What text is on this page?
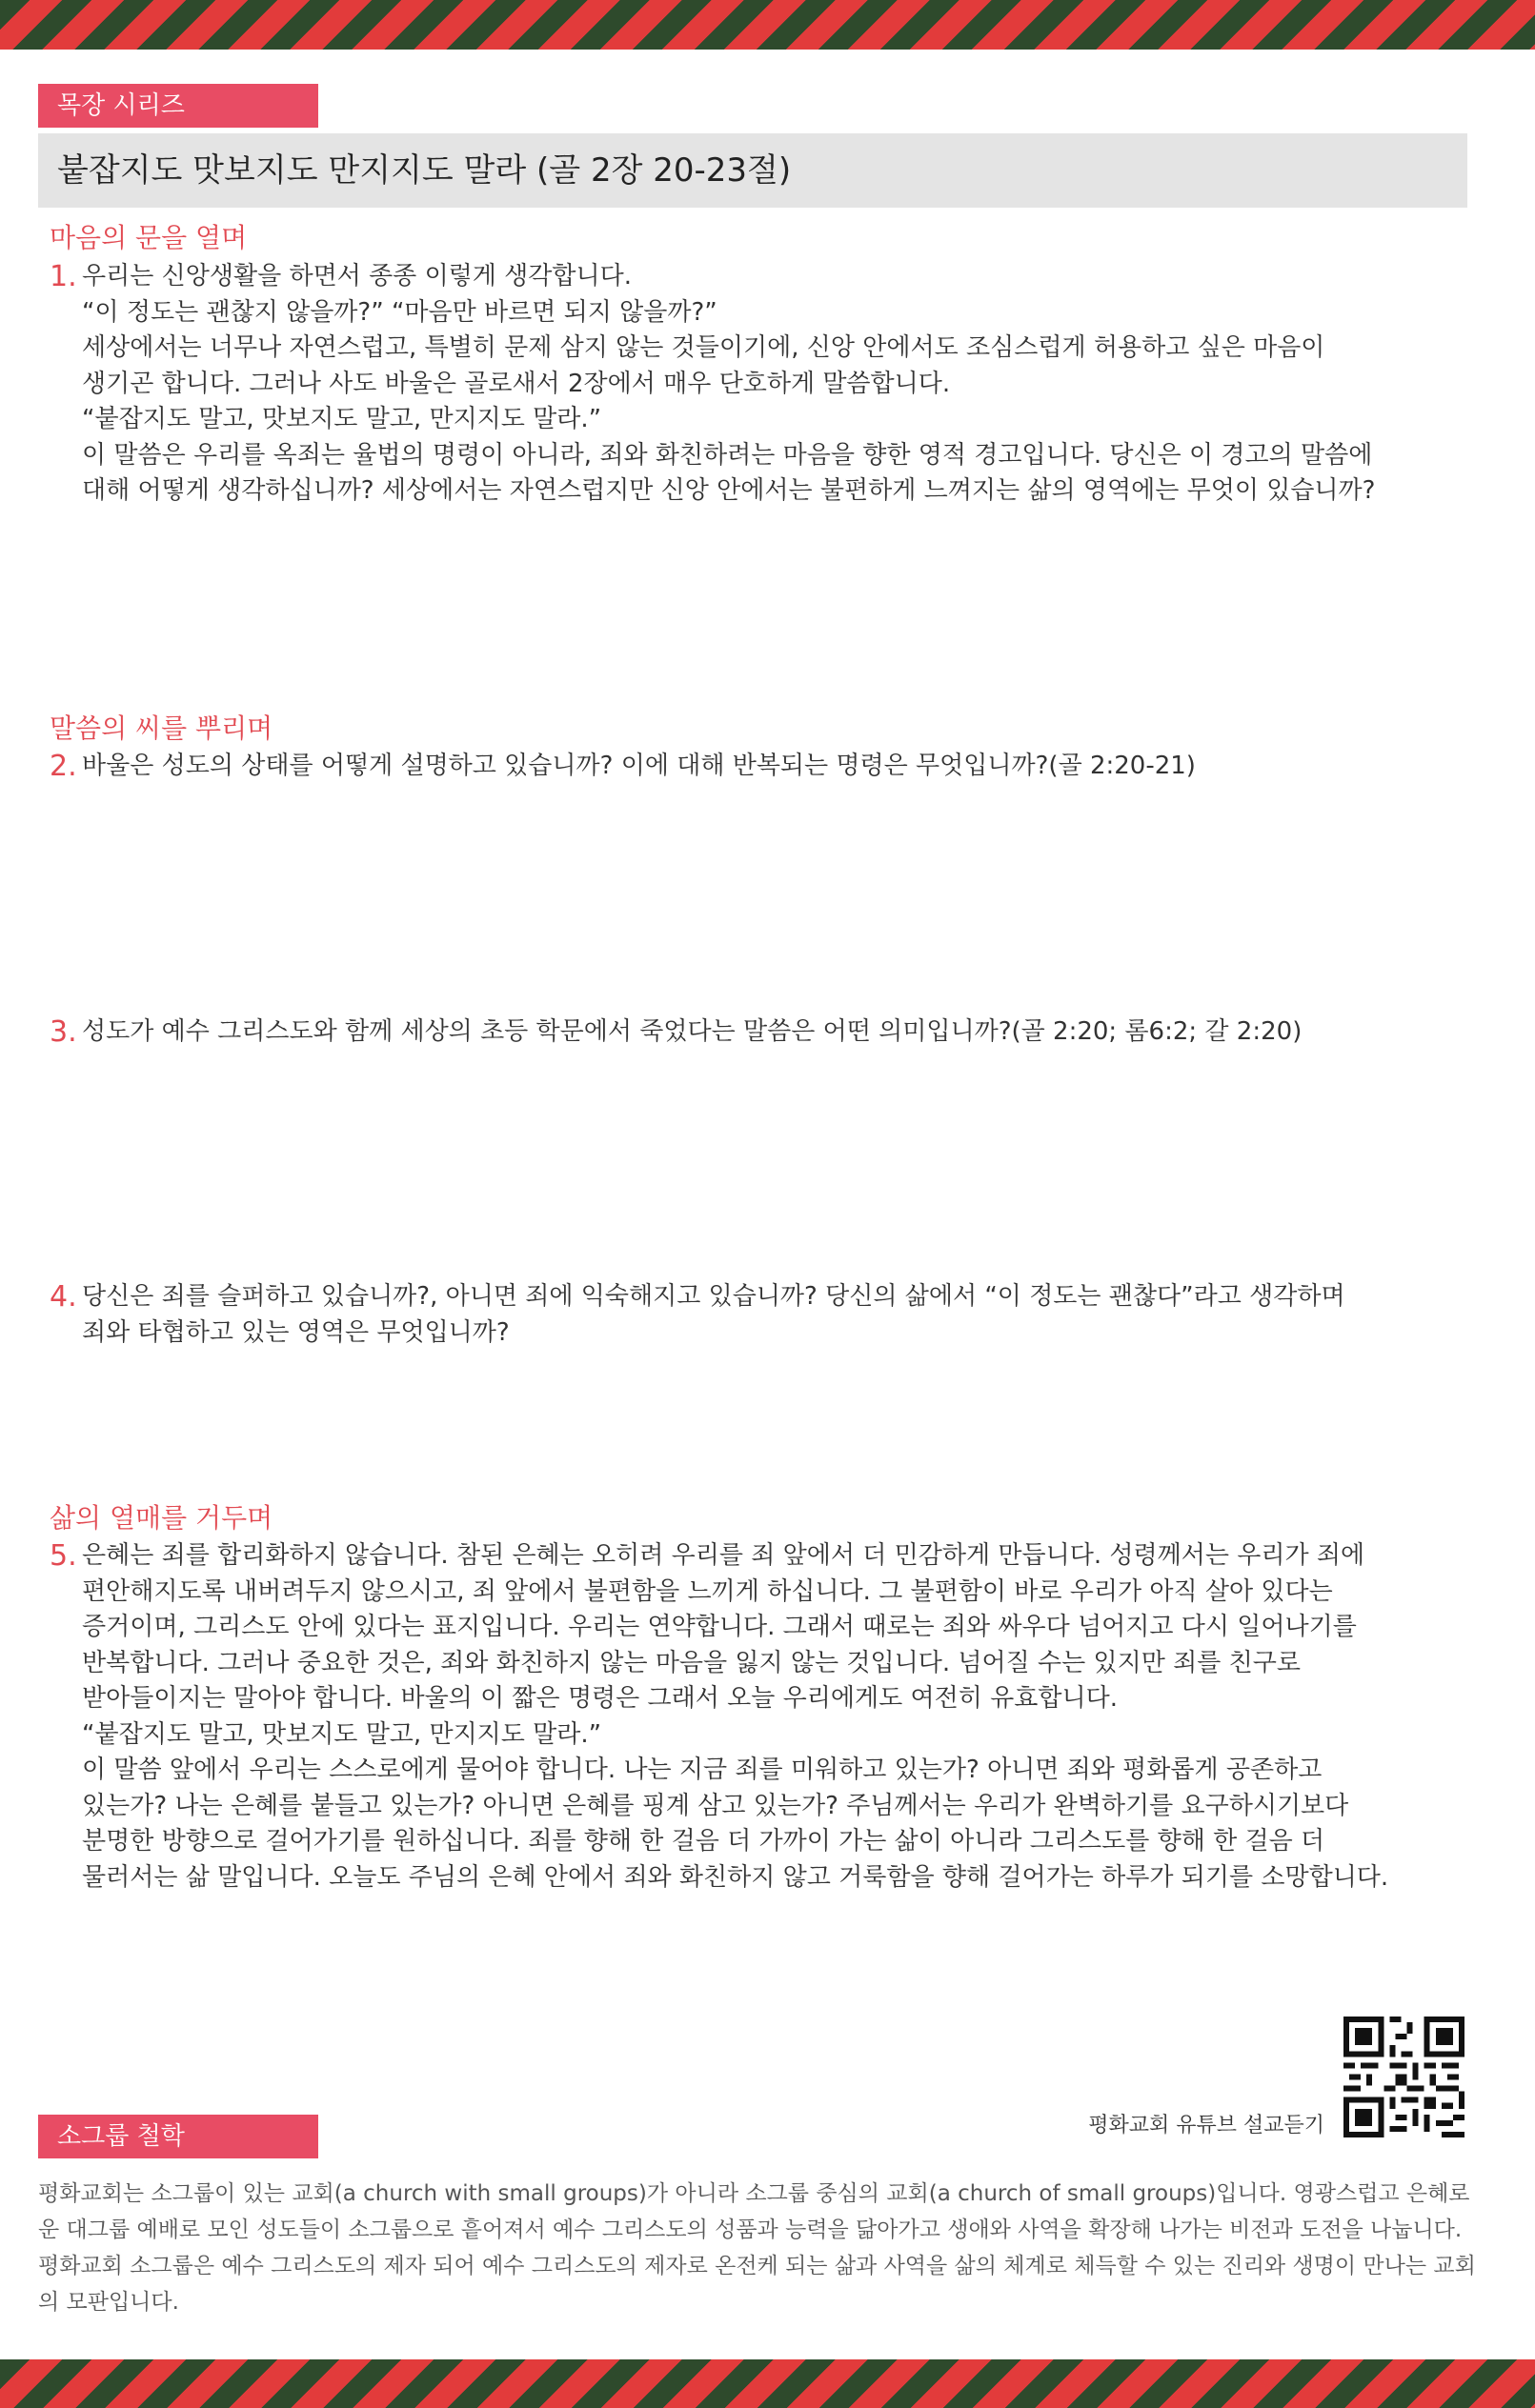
목장 시리즈
붙잡지도 맛보지도 만지지도 말라 (골 2장 20-23절)
마음의 문을 열며
1. 우리는 신앙생활을 하면서 종종 이렇게 생각합니다.
“이 정도는 괜찮지 않을까?” “마음만 바르면 되지 않을까?”
세상에서는 너무나 자연스럽고, 특별히 문제 삼지 않는 것들이기에, 신앙 안에서도 조심스럽게 허용하고 싶은 마음이
생기곤 합니다. 그러나 사도 바울은 골로새서 2장에서 매우 단호하게 말씀합니다.
“붙잡지도 말고, 맛보지도 말고, 만지지도 말라.”
이 말씀은 우리를 옥죄는 율법의 명령이 아니라, 죄와 화친하려는 마음을 향한 영적 경고입니다. 당신은 이 경고의 말씀에
대해 어떻게 생각하십니까? 세상에서는 자연스럽지만 신앙 안에서는 불편하게 느껴지는 삶의 영역에는 무엇이 있습니까?
말씀의 씨를 뿌리며
2. 바울은 성도의 상태를 어떻게 설명하고 있습니까? 이에 대해 반복되는 명령은 무엇입니까?(골 2:20-21)
3. 성도가 예수 그리스도와 함께 세상의 초등 학문에서 죽었다는 말씀은 어떤 의미입니까?(골 2:20; 롬6:2; 갈 2:20)
4. 당신은 죄를 슬퍼하고 있습니까?, 아니면 죄에 익숙해지고 있습니까? 당신의 삶에서 “이 정도는 괜찮다”라고 생각하며
죄와 타협하고 있는 영역은 무엇입니까?
삶의 열매를 거두며
5. 은혜는 죄를 합리화하지 않습니다. 참된 은혜는 오히려 우리를 죄 앞에서 더 민감하게 만듭니다. 성령께서는 우리가 죄에
편안해지도록 내버려두지 않으시고, 죄 앞에서 불편함을 느끼게 하십니다. 그 불편함이 바로 우리가 아직 살아 있다는
증거이며, 그리스도 안에 있다는 표지입니다. 우리는 연약합니다. 그래서 때로는 죄와 싸우다 넘어지고 다시 일어나기를
반복합니다. 그러나 중요한 것은, 죄와 화친하지 않는 마음을 잃지 않는 것입니다. 넘어질 수는 있지만 죄를 친구로
받아들이지는 말아야 합니다. 바울의 이 짧은 명령은 그래서 오늘 우리에게도 여전히 유효합니다.
“붙잡지도 말고, 맛보지도 말고, 만지지도 말라.”
이 말씀 앞에서 우리는 스스로에게 물어야 합니다. 나는 지금 죄를 미워하고 있는가? 아니면 죄와 평화롭게 공존하고
있는가? 나는 은혜를 붙들고 있는가? 아니면 은혜를 핑계 삼고 있는가? 주님께서는 우리가 완벽하기를 요구하시기보다
분명한 방향으로 걸어가기를 원하십니다. 죄를 향해 한 걸음 더 가까이 가는 삶이 아니라 그리스도를 향해 한 걸음 더
물러서는 삶 말입니다. 오늘도 주님의 은혜 안에서 죄와 화친하지 않고 거룩함을 향해 걸어가는 하루가 되기를 소망합니다.
평화교회 유튜브 설교듣기
소그룹 철학
평화교회는 소그룹이 있는 교회(a church with small groups)가 아니라 소그룹 중심의 교회(a church of small groups)입니다. 영광스럽고 은혜로운 대그룹 예배로 모인 성도들이 소그룹으로 흩어져서 예수 그리스도의 성품과 능력을 닮아가고 생애와 사역을 확장해 나가는 비전과 도전을 나눕니다. 평화교회 소그룹은 예수 그리스도의 제자 되어 예수 그리스도의 제자로 온전케 되는 삶과 사역을 삶의 체계로 체득할 수 있는 진리와 생명이 만나는 교회의 모판입니다.
